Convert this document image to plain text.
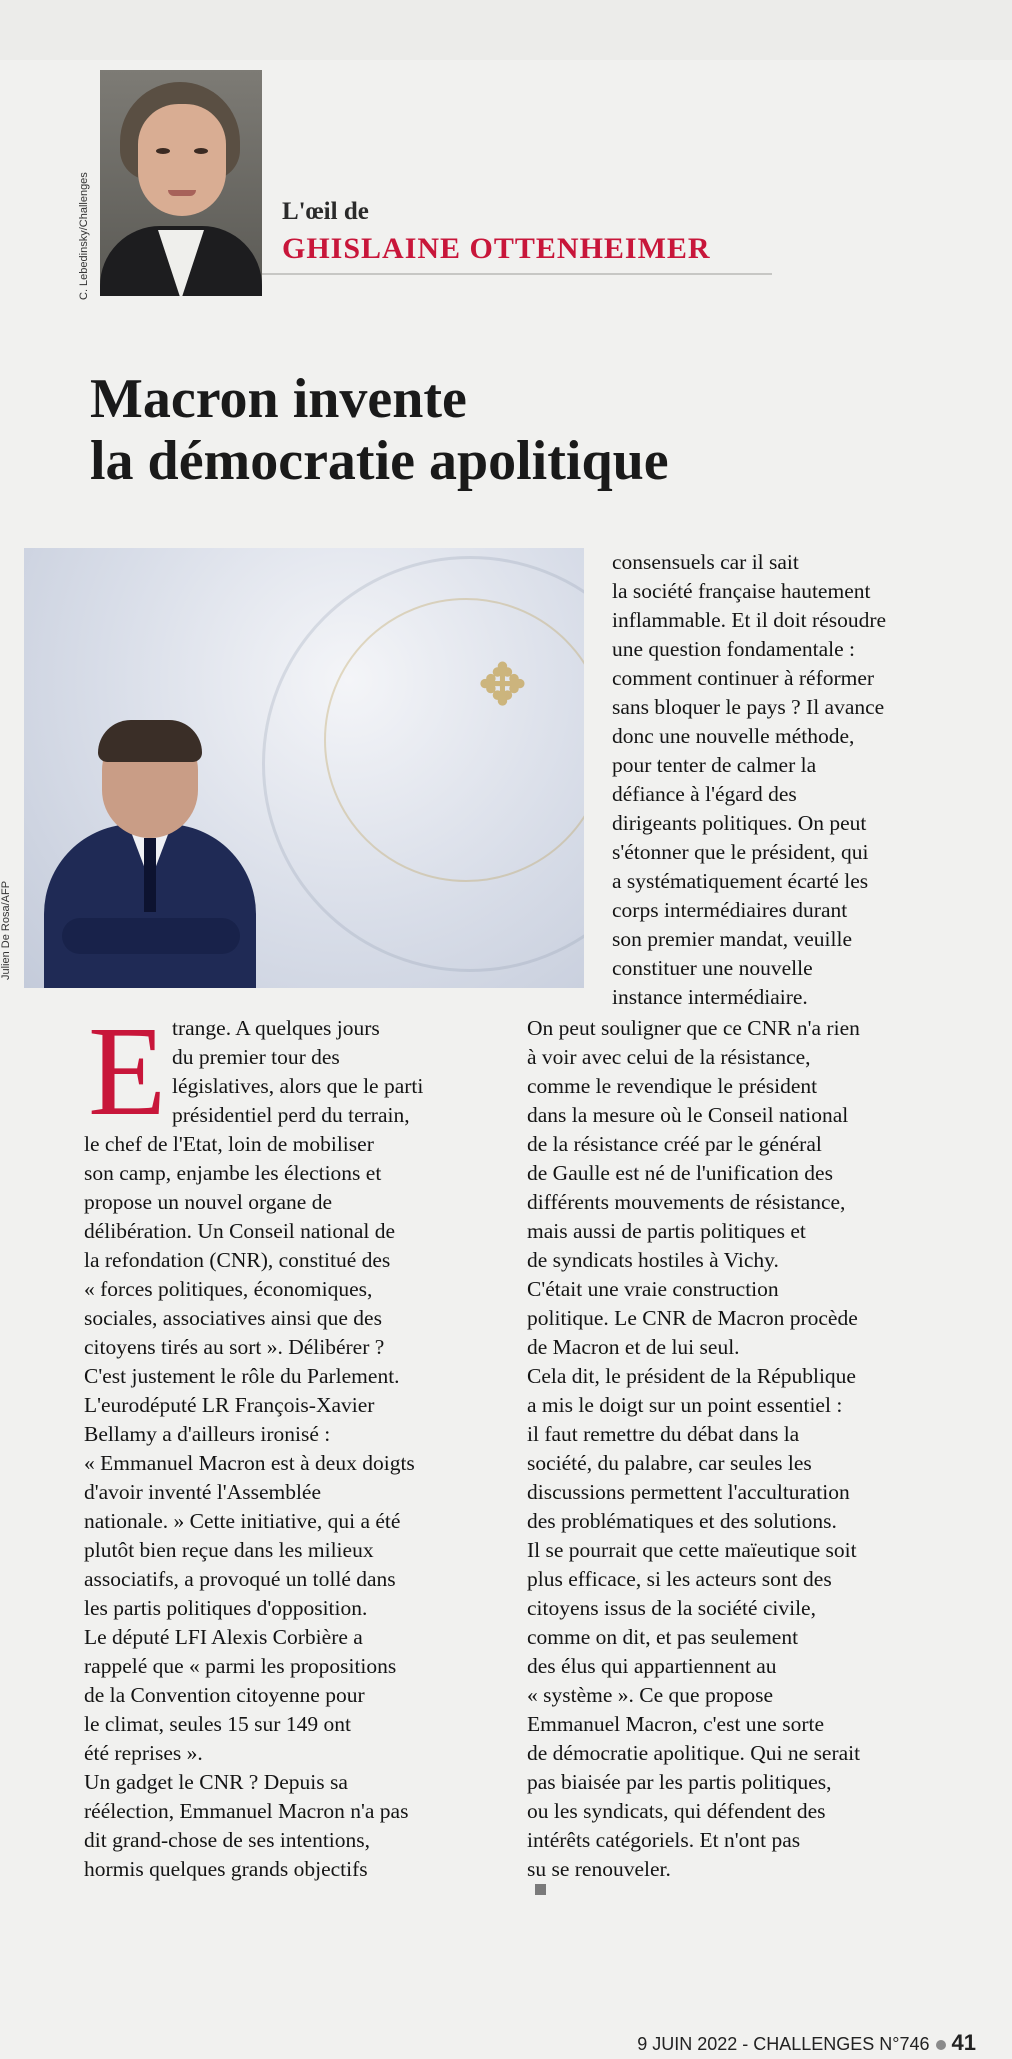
C. Lebedinsky/Challenges	L'œil de
GHISLAINE OTTENHEIMER
Macron invente
la démocratie apolitique
✥
Julien De Rosa/AFP
consensuels car il sait
la société française hautement
inflammable. Et il doit résoudre
une question fondamentale :
comment continuer à réformer
sans bloquer le pays ? Il avance
donc une nouvelle méthode,
pour tenter de calmer la
défiance à l'égard des
dirigeants politiques. On peut
s'étonner que le président, qui
a systématiquement écarté les
corps intermédiaires durant
son premier mandat, veuille
constituer une nouvelle
instance intermédiaire.
E trange. A quelques jours
du premier tour des
législatives, alors que le parti
présidentiel perd du terrain,
le chef de l'Etat, loin de mobiliser
son camp, enjambe les élections et
propose un nouvel organe de
délibération. Un Conseil national de
la refondation (CNR), constitué des
« forces politiques, économiques,
sociales, associatives ainsi que des
citoyens tirés au sort ». Délibérer ?
C'est justement le rôle du Parlement.
L'eurodéputé LR François-Xavier
Bellamy a d'ailleurs ironisé :
« Emmanuel Macron est à deux doigts
d'avoir inventé l'Assemblée
nationale. » Cette initiative, qui a été
plutôt bien reçue dans les milieux
associatifs, a provoqué un tollé dans
les partis politiques d'opposition.
Le député LFI Alexis Corbière a
rappelé que « parmi les propositions
de la Convention citoyenne pour
le climat, seules 15 sur 149 ont
été reprises ».
Un gadget le CNR ? Depuis sa
réélection, Emmanuel Macron n'a pas
dit grand-chose de ses intentions,
hormis quelques grands objectifs
On peut souligner que ce CNR n'a rien
à voir avec celui de la résistance,
comme le revendique le président
dans la mesure où le Conseil national
de la résistance créé par le général
de Gaulle est né de l'unification des
différents mouvements de résistance,
mais aussi de partis politiques et
de syndicats hostiles à Vichy.
C'était une vraie construction
politique. Le CNR de Macron procède
de Macron et de lui seul.
Cela dit, le président de la République
a mis le doigt sur un point essentiel :
il faut remettre du débat dans la
société, du palabre, car seules les
discussions permettent l'acculturation
des problématiques et des solutions.
Il se pourrait que cette maïeutique soit
plus efficace, si les acteurs sont des
citoyens issus de la société civile,
comme on dit, et pas seulement
des élus qui appartiennent au
« système ». Ce que propose
Emmanuel Macron, c'est une sorte
de démocratie apolitique. Qui ne serait
pas biaisée par les partis politiques,
ou les syndicats, qui défendent des
intérêts catégoriels. Et n'ont pas
su se renouveler.
9 JUIN 2022 - CHALLENGES N°746 41
